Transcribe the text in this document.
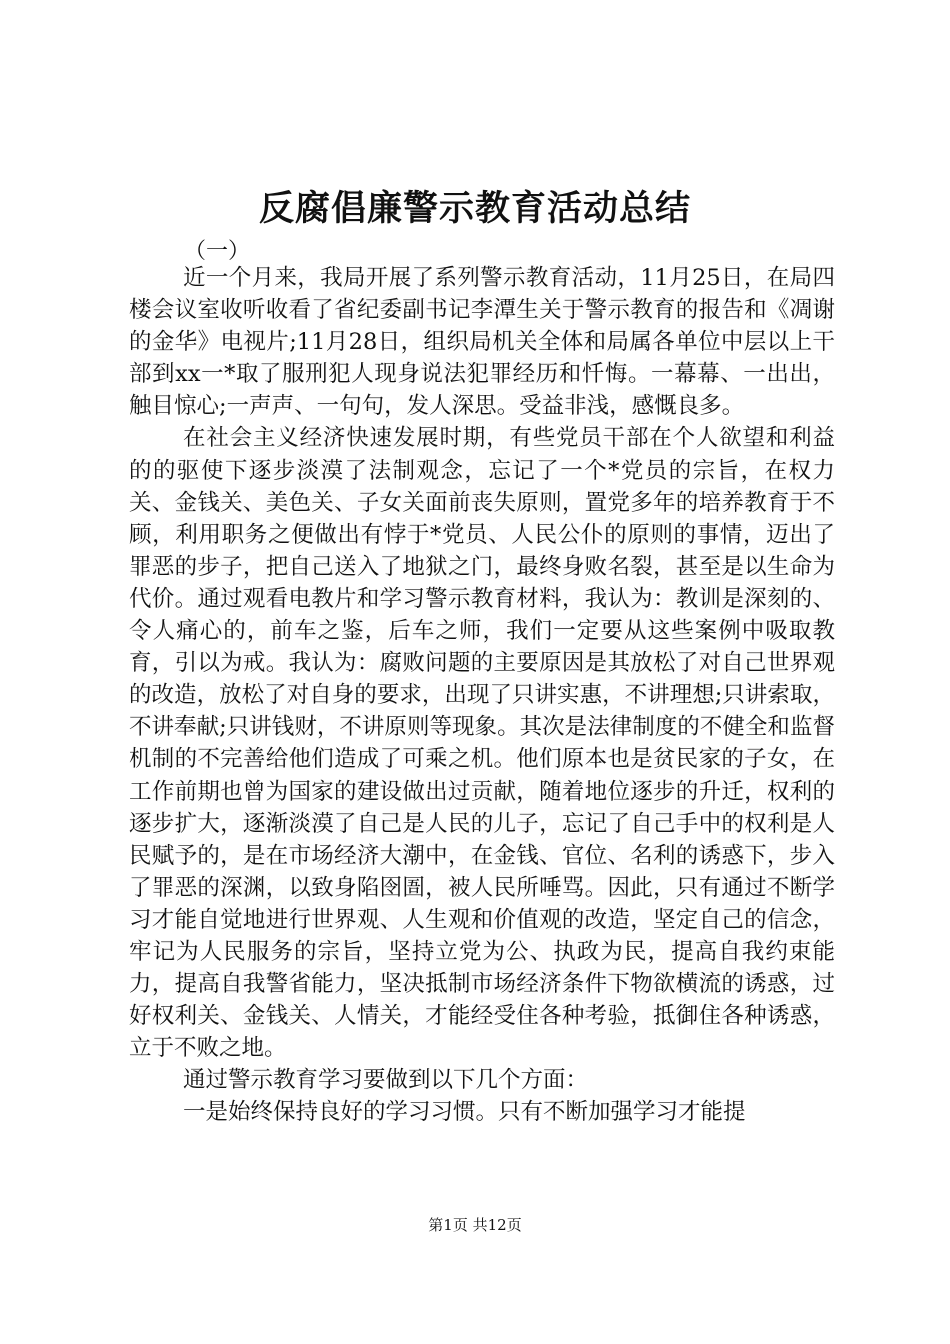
反腐倡廉警示教育活动总结
（一）

近一个月来，我局开展了系列警示教育活动，11月25日，在局四楼会议室收听收看了省纪委副书记李潭生关于警示教育的报告和《凋谢的金华》电视片;11月28日，组织局机关全体和局属各单位中层以上干部到xx一*取了服刑犯人现身说法犯罪经历和忏悔。一幕幕、一出出，触目惊心;一声声、一句句，发人深思。受益非浅，感慨良多。

在社会主义经济快速发展时期，有些党员干部在个人欲望和利益的的驱使下逐步淡漠了法制观念，忘记了一个*党员的宗旨，在权力关、金钱关、美色关、子女关面前丧失原则，置党多年的培养教育于不顾，利用职务之便做出有悖于*党员、人民公仆的原则的事情，迈出了罪恶的步子，把自己送入了地狱之门，最终身败名裂，甚至是以生命为代价。通过观看电教片和学习警示教育材料，我认为：教训是深刻的、令人痛心的，前车之鉴，后车之师，我们一定要从这些案例中吸取教育，引以为戒。我认为：腐败问题的主要原因是其放松了对自己世界观的改造，放松了对自身的要求，出现了只讲实惠，不讲理想;只讲索取，不讲奉献;只讲钱财，不讲原则等现象。其次是法律制度的不健全和监督机制的不完善给他们造成了可乘之机。他们原本也是贫民家的子女，在工作前期也曾为国家的建设做出过贡献，随着地位逐步的升迁，权利的逐步扩大，逐渐淡漠了自己是人民的儿子，忘记了自己手中的权利是人民赋予的，是在市场经济大潮中，在金钱、官位、名利的诱惑下，步入了罪恶的深渊，以致身陷囹圄，被人民所唾骂。因此，只有通过不断学习才能自觉地进行世界观、人生观和价值观的改造，坚定自己的信念，牢记为人民服务的宗旨，坚持立党为公、执政为民，提高自我约束能力，提高自我警省能力，坚决抵制市场经济条件下物欲横流的诱惑，过好权利关、金钱关、人情关，才能经受住各种考验，抵御住各种诱惑，立于不败之地。

通过警示教育学习要做到以下几个方面：

一是始终保持良好的学习习惯。只有不断加强学习才能提

第1页 共12页
